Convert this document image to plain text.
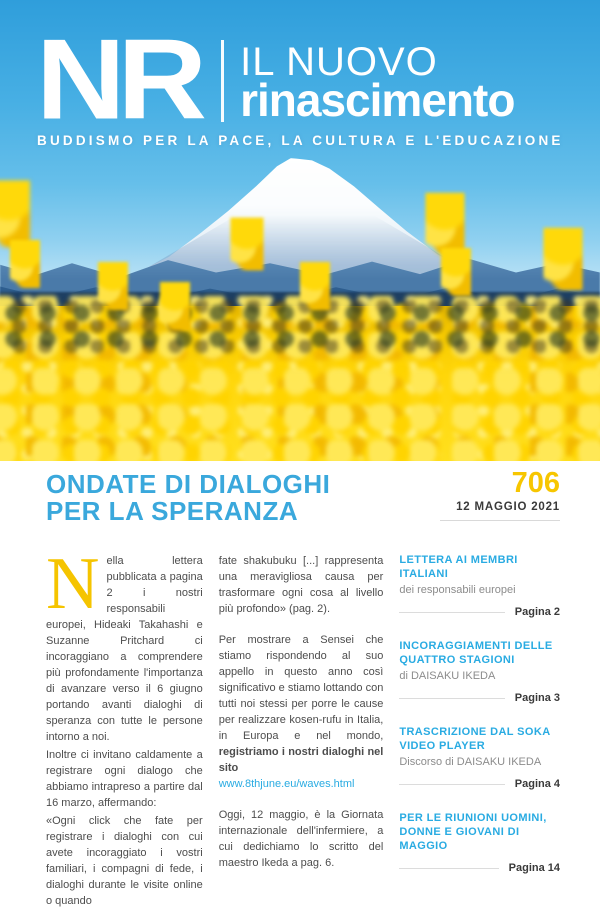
NR IL NUOVO
rinascimento
BUDDISMO PER LA PACE, LA CULTURA E L'EDUCAZIONE
ONDATE DI DIALOGHI
PER LA SPERANZA
706
12 MAGGIO 2021

Nella lettera pubblicata a pagina 2 i nostri responsabili europei, Hideaki Takahashi e Suzanne Pritchard ci incoraggiano a comprendere più profondamente l'importanza di avanzare verso il 6 giugno portando avanti dialoghi di speranza con tutte le persone intorno a noi.

Inoltre ci invitano caldamente a registrare ogni dialogo che abbiamo intrapreso a partire dal 16 marzo, affermando:

«Ogni click che fate per registrare i dialoghi con cui avete incoraggiato i vostri familiari, i compagni di fede, i dialoghi durante le visite online o quando

fate shakubuku [...] rappresenta una meravigliosa causa per trasformare ogni cosa al livello più profondo» (pag. 2).

Per mostrare a Sensei che stiamo rispondendo al suo appello in questo anno così significativo e stiamo lottando con tutti noi stessi per porre le cause per realizzare kosen-rufu in Italia, in Europa e nel mondo, registriamo i nostri dialoghi nel sito
www.8thjune.eu/waves.html

Oggi, 12 maggio, è la Giornata internazionale dell'infermiere, a cui dedichiamo lo scritto del maestro Ikeda a pag. 6.

LETTERA AI MEMBRI ITALIANI
dei responsabili europei
Pagina 2
INCORAGGIAMENTI DELLE QUATTRO STAGIONI
di DAISAKU IKEDA
Pagina 3
TRASCRIZIONE DAL SOKA VIDEO PLAYER
Discorso di DAISAKU IKEDA
Pagina 4
PER LE RIUNIONI UOMINI, DONNE E GIOVANI DI MAGGIO
Pagina 14
